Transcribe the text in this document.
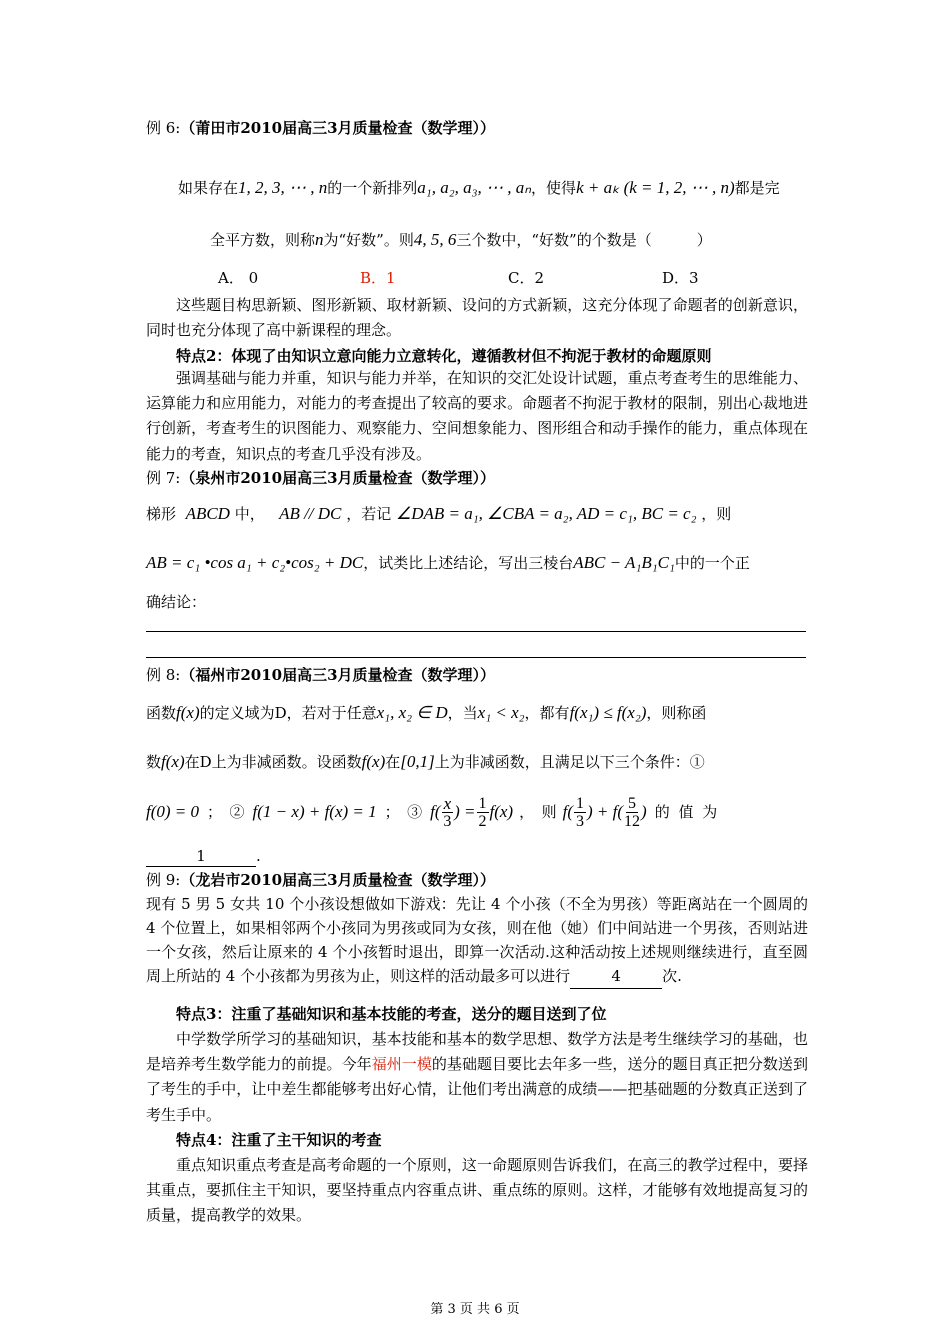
例 6:（莆田市2010届高三3月质量检查（数学理））
如果存在1, 2, 3, ⋯ , n的一个新排列a₁, a₂, a₃, ⋯ , aₙ，使得k + aₖ (k = 1, 2, ⋯ , n)都是完
全平方数，则称n为“好数”。则4, 5, 6三个数中，“好数”的个数是（　　　）
A． 0	B．1	C．2	D．3
这些题目构思新颖、图形新颖、取材新颖、设问的方式新颖，这充分体现了命题者的创新意识，同时也充分体现了高中新课程的理念。
特点2：体现了由知识立意向能力立意转化，遵循教材但不拘泥于教材的命题原则
强调基础与能力并重，知识与能力并举，在知识的交汇处设计试题，重点考查考生的思维能力、运算能力和应用能力，对能力的考查提出了较高的要求。命题者不拘泥于教材的限制，别出心裁地进行创新，考查考生的识图能力、观察能力、空间想象能力、图形组合和动手操作的能力，重点体现在能力的考查，知识点的考查几乎没有涉及。
例 7:（泉州市2010届高三3月质量检查（数学理））
梯形 ABCD 中， AB // DC ，若记 ∠DAB = a₁, ∠CBA = a₂, AD = c₁, BC = c₂ ，则
AB = c₁ •cos a₁ + c₂•cos₂ + DC，试类比上述结论，写出三棱台ABC − A₁B₁C₁中的一个正
确结论：
例 8:（福州市2010届高三3月质量检查（数学理））
函数f(x)的定义域为D，若对于任意x₁, x₂ ∈ D，当x₁ < x₂，都有f(x₁) ≤ f(x₂)，则称函
数f(x)在D上为非减函数。设函数f(x)在[0,1]上为非减函数，且满足以下三个条件：①
f(0) = 0 ；　② f(1 − x) + f(x) = 1 ；　③ $f( \frac{x}{3}$ ) = $\frac{1}{2} f(x)$ ，　则 $f( \frac{1}{3}$ ) + $f( \frac{5}{12}$ ) 的 值 为
1	.
例 9:（龙岩市2010届高三3月质量检查（数学理））
现有 5 男 5 女共 10 个小孩设想做如下游戏：先让 4 个小孩（不全为男孩）等距离站在一个圆周的 4 个位置上，如果相邻两个小孩同为男孩或同为女孩，则在他（她）们中间站进一个男孩，否则站进一个女孩，然后让原来的 4 个小孩暂时退出，即算一次活动.这种活动按上述规则继续进行，直至圆周上所站的 4 个小孩都为男孩为止，则这样的活动最多可以进行	4	次.
特点3：注重了基础知识和基本技能的考查，送分的题目送到了位
中学数学所学习的基础知识，基本技能和基本的数学思想、数学方法是考生继续学习的基础，也是培养考生数学能力的前提。今年福州一模的基础题目要比去年多一些，送分的题目真正把分数送到了考生的手中，让中差生都能够考出好心情，让他们考出满意的成绩——把基础题的分数真正送到了考生手中。
特点4：注重了主干知识的考查
重点知识重点考查是高考命题的一个原则，这一命题原则告诉我们，在高三的教学过程中，要择其重点，要抓住主干知识，要坚持重点内容重点讲、重点练的原则。这样，才能够有效地提高复习的质量，提高教学的效果。
第 3 页 共 6 页
